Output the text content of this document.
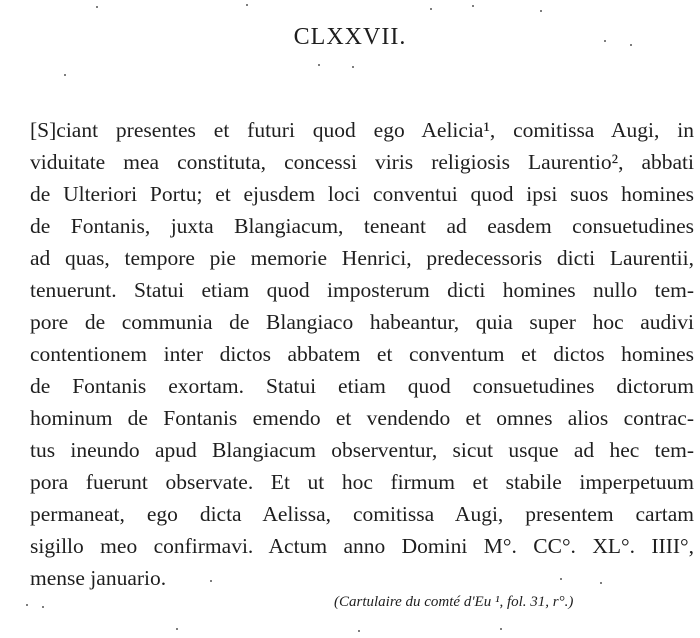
CLXXVII.
[S]ciant presentes et futuri quod ego Aelicia¹, comitissa Augi, in
viduitate mea constituta, concessi viris religiosis Laurentio², abbati
de Ulteriori Portu; et ejusdem loci conventui quod ipsi suos homines
de Fontanis, juxta Blangiacum, teneant ad easdem consuetudines
ad quas, tempore pie memorie Henrici, predecessoris dicti Laurentii,
tenuerunt. Statui etiam quod imposterum dicti homines nullo tem-
pore de communia de Blangiaco habeantur, quia super hoc audivi
contentionem inter dictos abbatem et conventum et dictos homines
de Fontanis exortam. Statui etiam quod consuetudines dictorum
hominum de Fontanis emendo et vendendo et omnes alios contrac-
tus ineundo apud Blangiacum observentur, sicut usque ad hec tem-
pora fuerunt observate. Et ut hoc firmum et stabile imperpetuum
permaneat, ego dicta Aelissa, comitissa Augi, presentem cartam
sigillo meo confirmavi. Actum anno Domini M°. CC°. XL°. IIII°,
mense januario.
(Cartulaire du comté d'Eu ¹, fol. 31, r°.)
